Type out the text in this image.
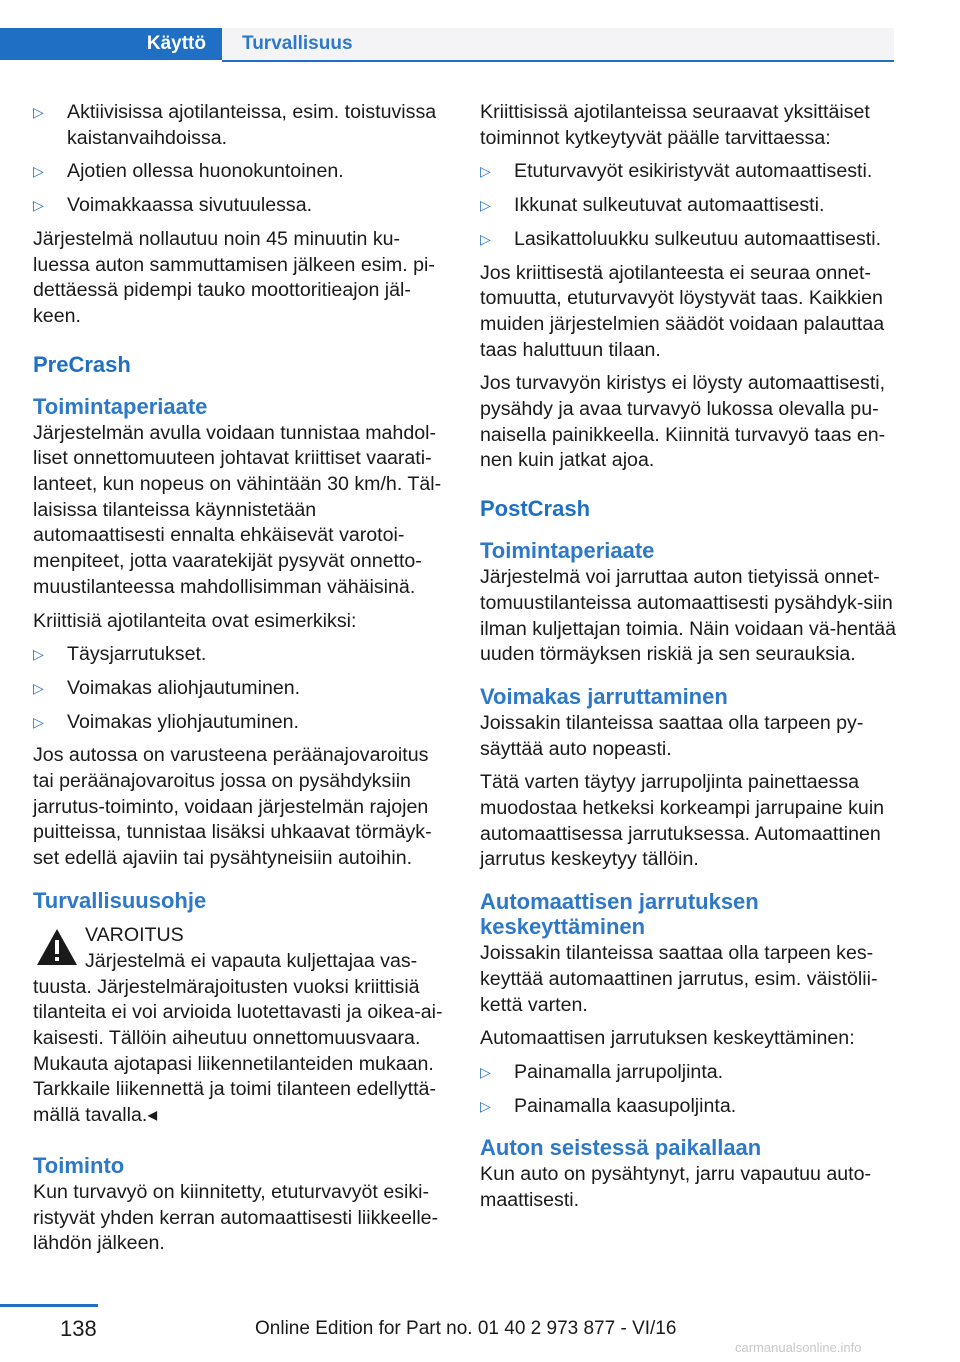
Käyttö	Turvallisuus
▷	Aktiivisissa ajotilanteissa, esim. toistuvissa kaistanvaihdoissa.
▷	Ajotien ollessa huonokuntoinen.
▷	Voimakkaassa sivutuulessa.

Järjestelmä nollautuu noin 45 minuutin ku-luessa auton sammuttamisen jälkeen esim. pi-dettäessä pidempi tauko moottoritieajon jäl-keen.

PreCrash
Toimintaperiaate

Järjestelmän avulla voidaan tunnistaa mahdol-liset onnettomuuteen johtavat kriittiset vaarati-lanteet, kun nopeus on vähintään 30 km/h. Täl-laisissa tilanteissa käynnistetään automaattisesti ennalta ehkäisevät varotoi-menpiteet, jotta vaaratekijät pysyvät onnetto-muustilanteessa mahdollisimman vähäisinä.

Kriittisiä ajotilanteita ovat esimerkiksi:

▷	Täysjarrutukset.
▷	Voimakas aliohjautuminen.
▷	Voimakas yliohjautuminen.

Jos autossa on varusteena peräänajovaroitus tai peräänajovaroitus jossa on pysähdyksiin jarrutus-toiminto, voidaan järjestelmän rajojen puitteissa, tunnistaa lisäksi uhkaavat törmäyk-set edellä ajaviin tai pysähtyneisiin autoihin.

Turvallisuusohje
VAROITUS

Järjestelmä ei vapauta kuljettajaa vas-tuusta. Järjestelmärajoitusten vuoksi kriittisiä tilanteita ei voi arvioida luotettavasti ja oikea-ai-kaisesti. Tällöin aiheutuu onnettomuusvaara. Mukauta ajotapasi liikennetilanteiden mukaan. Tarkkaile liikennettä ja toimi tilanteen edellyttä-mällä tavalla.◂

Toiminto

Kun turvavyö on kiinnitetty, etuturvavyöt esiki-ristyvät yhden kerran automaattisesti liikkeelle-lähdön jälkeen.

Kriittisissä ajotilanteissa seuraavat yksittäiset toiminnot kytkeytyvät päälle tarvittaessa:

▷	Etuturvavyöt esikiristyvät automaattisesti.
▷	Ikkunat sulkeutuvat automaattisesti.
▷	Lasikattoluukku sulkeutuu automaattisesti.

Jos kriittisestä ajotilanteesta ei seuraa onnet-tomuutta, etuturvavyöt löystyvät taas. Kaikkien muiden järjestelmien säädöt voidaan palauttaa taas haluttuun tilaan.

Jos turvavyön kiristys ei löysty automaattisesti, pysähdy ja avaa turvavyö lukossa olevalla pu-naisella painikkeella. Kiinnitä turvavyö taas en-nen kuin jatkat ajoa.

PostCrash
Toimintaperiaate

Järjestelmä voi jarruttaa auton tietyissä onnet-tomuustilanteissa automaattisesti pysähdyk-siin ilman kuljettajan toimia. Näin voidaan vä-hentää uuden törmäyksen riskiä ja sen seurauksia.

Voimakas jarruttaminen

Joissakin tilanteissa saattaa olla tarpeen py-säyttää auto nopeasti.

Tätä varten täytyy jarrupoljinta painettaessa muodostaa hetkeksi korkeampi jarrupaine kuin automaattisessa jarrutuksessa. Automaattinen jarrutus keskeytyy tällöin.

Automaattisen jarrutuksen keskeyttäminen

Joissakin tilanteissa saattaa olla tarpeen kes-keyttää automaattinen jarrutus, esim. väistölii-kettä varten.

Automaattisen jarrutuksen keskeyttäminen:

▷	Painamalla jarrupoljinta.
▷	Painamalla kaasupoljinta.
Auton seistessä paikallaan

Kun auto on pysähtynyt, jarru vapautuu auto-maattisesti.

138	Online Edition for Part no. 01 40 2 973 877 - VI/16
carmanualsonline.info
